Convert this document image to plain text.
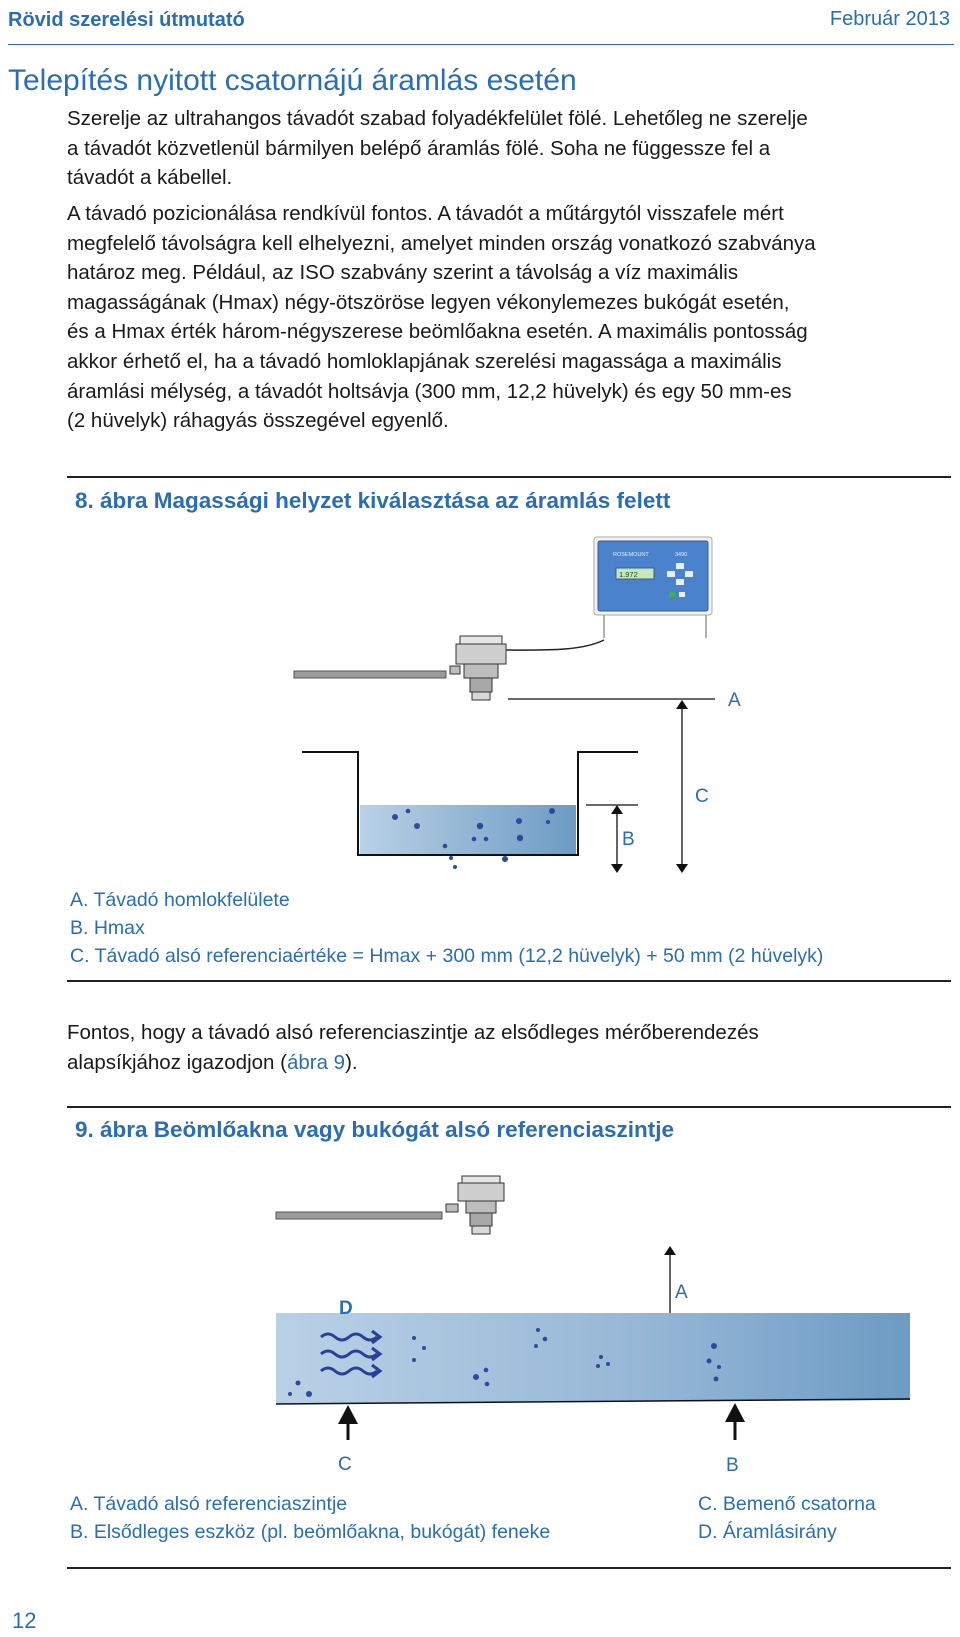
Rövid szerelési útmutató	Február 2013
Telepítés nyitott csatornájú áramlás esetén
Szerelje az ultrahangos távadót szabad folyadékfelület fölé. Lehetőleg ne szerelje
a távadót közvetlenül bármilyen belépő áramlás fölé. Soha ne függessze fel a
távadót a kábellel.
A távadó pozicionálása rendkívül fontos. A távadót a műtárgytól visszafele mért
megfelelő távolságra kell elhelyezni, amelyet minden ország vonatkozó szabványa
határoz meg. Például, az ISO szabvány szerint a távolság a víz maximális
magasságának (Hmax) négy-ötszöröse legyen vékonylemezes bukógát esetén,
és a Hmax érték három-négyszerese beömlőakna esetén. A maximális pontosság
akkor érhető el, ha a távadó homloklapjának szerelési magassága a maximális
áramlási mélység, a távadót holtsávja (300 mm, 12,2 hüvelyk) és egy 50 mm-es
(2 hüvelyk) ráhagyás összegével egyenlő.
8. ábra Magassági helyzet kiválasztása az áramlás felett
ROSEMOUNT	3490
1.972
A
B
C
A. Távadó homlokfelülete
B. Hmax
C. Távadó alsó referenciaértéke = Hmax + 300 mm (12,2 hüvelyk) + 50 mm (2 hüvelyk)
Fontos, hogy a távadó alsó referenciaszintje az elsődleges mérőberendezés
alapsíkjához igazodjon (ábra 9).
9. ábra Beömlőakna vagy bukógát alsó referenciaszintje
A
D
C	B
A. Távadó alsó referenciaszintje
B. Elsődleges eszköz (pl. beömlőakna, bukógát) feneke
C. Bemenő csatorna
D. Áramlásirány
12
